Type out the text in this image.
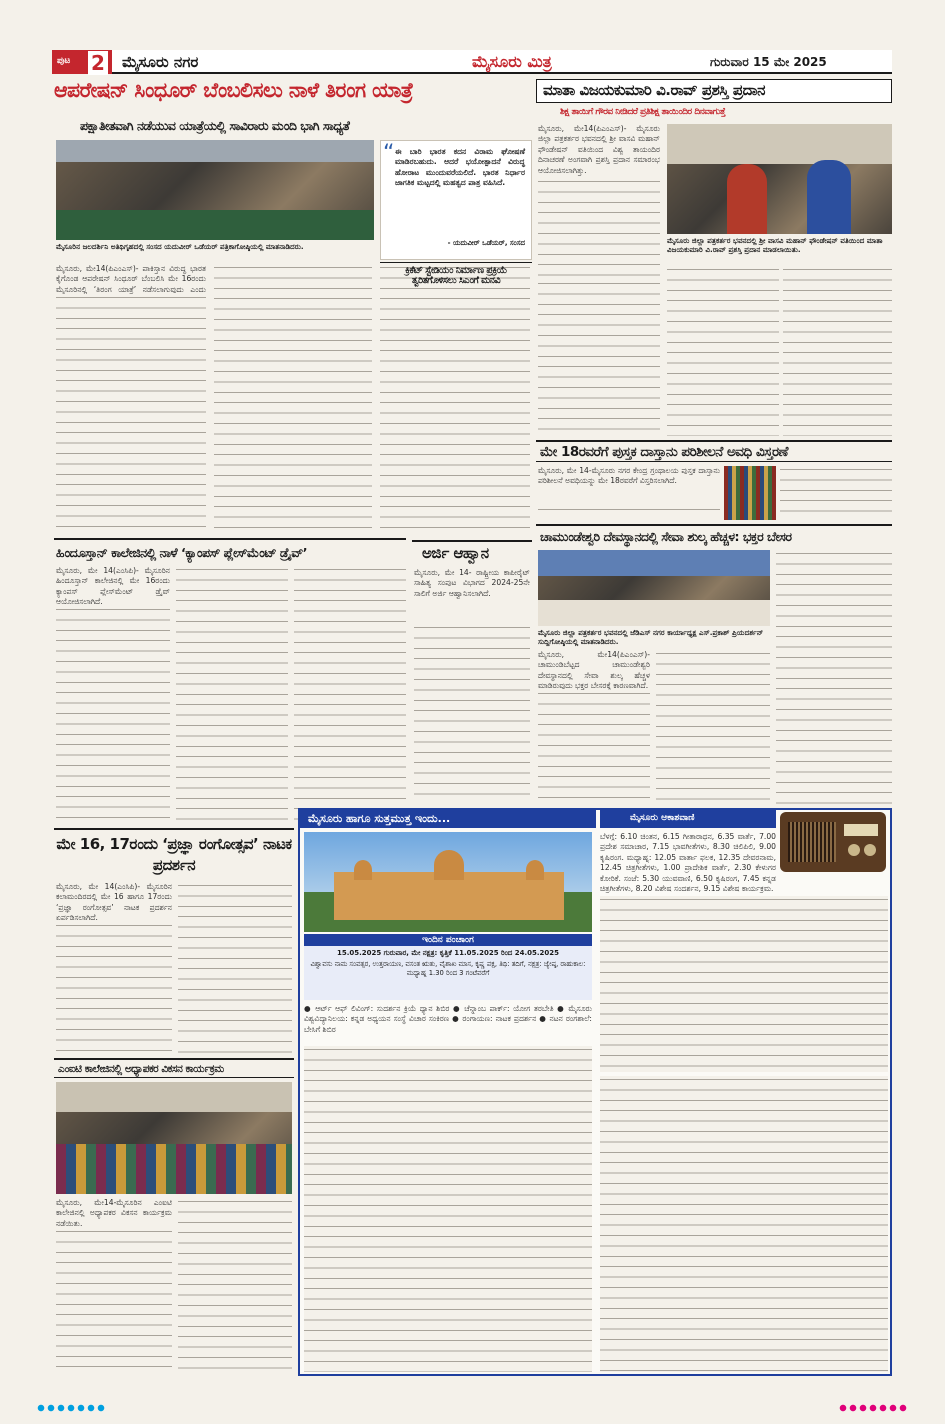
ಪುಟ 2 ಮೈಸೂರು ನಗರ	ಮೈಸೂರು ಮಿತ್ರ	ಗುರುವಾರ 15 ಮೇ 2025
ಆಪರೇಷನ್ ಸಿಂಧೂರ್ ಬೆಂಬಲಿಸಲು ನಾಳೆ ತಿರಂಗ ಯಾತ್ರೆ
ಪಕ್ಷಾತೀತವಾಗಿ ನಡೆಯುವ ಯಾತ್ರೆಯಲ್ಲಿ ಸಾವಿರಾರು ಮಂದಿ ಭಾಗಿ ಸಾಧ್ಯತೆ
ಮೈಸೂರಿನ ಜಲದರ್ಶಿನಿ ಅತಿಥಿಗೃಹದಲ್ಲಿ ಸಂಸದ ಯದುವೀರ್ ಒಡೆಯರ್ ಪತ್ರಿಕಾಗೋಷ್ಠಿಯಲ್ಲಿ ಮಾತನಾಡಿದರು.
“ ಈ ಬಾರಿ ಭಾರತ ಕದನ ವಿರಾಮ ಘೋಷಣೆ ಮಾಡಿರಬಹುದು. ಆದರೆ ಭಯೋತ್ಪಾದನೆ ವಿರುದ್ಧ ಹೋರಾಟ ಮುಂದುವರೆಯಲಿದೆ. ಭಾರತ ನಿರ್ಧಾರ ಜಾಗತಿಕ ಮಟ್ಟದಲ್ಲಿ ಮಹತ್ವದ ಪಾತ್ರ ವಹಿಸಿದೆ.
- ಯದುವೀರ್ ಒಡೆಯರ್, ಸಂಸದ
ಮೈಸೂರು, ಮೇ14(ಪಿಎಂಎಸ್)- ಪಾಕಿಸ್ತಾನ ವಿರುದ್ಧ ಭಾರತ ಕೈಗೊಂಡ ಆಪರೇಷನ್ ಸಿಂಧೂರ್ ಬೆಂಬಲಿಸಿ ಮೇ 16ರಂದು ಮೈಸೂರಿನಲ್ಲಿ ‘ತಿರಂಗ ಯಾತ್ರೆ’ ನಡೆಸಲಾಗುವುದು ಎಂದು
ಮಾತಾ ವಿಜಯಕುಮಾರಿ ವಿ.ರಾವ್ ಪ್ರಶಸ್ತಿ ಪ್ರದಾನ
ಶಿಕ್ಷ ತಾಯಿಗೆ ಗೌರವ ನೀಡಿದರೆ ಪ್ರತಿಶಿಕ್ಷ ತಾಯಿಂದಿರ ದಿನವಾಗುತ್ತೆ
ಮೈಸೂರು, ಮೇ14(ಪಿಎಂಎಸ್)- ಮೈಸೂರು ಜಿಲ್ಲಾ ಪತ್ರಕರ್ತರ ಭವನದಲ್ಲಿ ಶ್ರೀ ವಾಸವಿ ಮಹಾನ್ ಫೌಂಡೇಷನ್ ವತಿಯಿಂದ ವಿಶ್ವ ತಾಯಂದಿರ ದಿನಾಚರಣೆ ಅಂಗವಾಗಿ ಪ್ರಶಸ್ತಿ ಪ್ರದಾನ ಸಮಾರಂಭ ಆಯೋಜಿಸಲಾಗಿತ್ತು.
ಮೈಸೂರು ಜಿಲ್ಲಾ ಪತ್ರಕರ್ತರ ಭವನದಲ್ಲಿ ಶ್ರೀ ವಾಸವಿ ಮಹಾನ್ ಫೌಂಡೇಷನ್ ವತಿಯಿಂದ ಮಾತಾ ವಿಜಯಕುಮಾರಿ ವಿ.ರಾವ್ ಪ್ರಶಸ್ತಿ ಪ್ರದಾನ ಮಾಡಲಾಯಿತು.
ಕ್ರಿಕೆಟ್ ಸ್ಟೇಡಿಯಂ ನಿರ್ಮಾಣ ಪ್ರಕ್ರಿಯೆ ತ್ವರಿತಗೊಳಿಸಲು ಸಿಎಂಗೆ ಮನವಿ
ಮೇ 18ರವರೆಗೆ ಪುಸ್ತಕ ದಾಸ್ತಾನು ಪರಿಶೀಲನೆ ಅವಧಿ ವಿಸ್ತರಣೆ
ಮೈಸೂರು, ಮೇ 14-ಮೈಸೂರು ನಗರ ಕೇಂದ್ರ ಗ್ರಂಥಾಲಯ ಪುಸ್ತಕ ದಾಸ್ತಾನು ಪರಿಶೀಲನೆ ಅವಧಿಯನ್ನು ಮೇ 18ರವರೆಗೆ ವಿಸ್ತರಿಸಲಾಗಿದೆ.
ಚಾಮುಂಡೇಶ್ವರಿ ದೇವಸ್ಥಾನದಲ್ಲಿ ಸೇವಾ ಶುಲ್ಕ ಹೆಚ್ಚಳ: ಭಕ್ತರ ಬೇಸರ
ಮೈಸೂರು ಜಿಲ್ಲಾ ಪತ್ರಕರ್ತರ ಭವನದಲ್ಲಿ ಜೆಡಿಎಸ್ ನಗರ ಕಾರ್ಯಾಧ್ಯಕ್ಷ ಎಸ್.ಪ್ರಕಾಶ್ ಪ್ರಿಯದರ್ಶನ್ ಸುದ್ದಿಗೋಷ್ಠಿಯಲ್ಲಿ ಮಾತನಾಡಿದರು.
ಮೈಸೂರು, ಮೇ14(ಪಿಎಂಎಸ್)- ಚಾಮುಂಡಿಬೆಟ್ಟದ ಚಾಮುಂಡೇಶ್ವರಿ ದೇವಸ್ಥಾನದಲ್ಲಿ ಸೇವಾ ಶುಲ್ಕ ಹೆಚ್ಚಳ ಮಾಡಿರುವುದು ಭಕ್ತರ ಬೇಸರಕ್ಕೆ ಕಾರಣವಾಗಿದೆ.
ಹಿಂದೂಸ್ತಾನ್ ಕಾಲೇಜಿನಲ್ಲಿ ನಾಳೆ ‘ಕ್ಯಾಂಪಸ್ ಪ್ಲೇಸ್‌ಮೆಂಟ್ ಡ್ರೈವ್’
ಮೈಸೂರು, ಮೇ 14(ಎಂಸಿಪಿ)- ಮೈಸೂರಿನ ಹಿಂದೂಸ್ತಾನ್ ಕಾಲೇಜಿನಲ್ಲಿ ಮೇ 16ರಂದು ಕ್ಯಾಂಪಸ್ ಪ್ಲೇಸ್‌ಮೆಂಟ್ ಡ್ರೈವ್ ಆಯೋಜಿಸಲಾಗಿದೆ.
ಅರ್ಜಿ ಆಹ್ವಾನ
ಮೈಸೂರು, ಮೇ 14- ರಾಷ್ಟ್ರೀಯ ಕಾಪೀರೈಟ್ ಸಾಹಿತ್ಯ ಸಂಪುಟ ವಿಭಾಗದ 2024-25ನೇ ಸಾಲಿಗೆ ಅರ್ಜಿ ಆಹ್ವಾನಿಸಲಾಗಿದೆ.
ಮೇ 16, 17ರಂದು ‘ಪ್ರಜ್ಞಾ ರಂಗೋತ್ಸವ’ ನಾಟಕ ಪ್ರದರ್ಶನ
ಮೈಸೂರು, ಮೇ 14(ಎಂಸಿಪಿ)- ಮೈಸೂರಿನ ಕಲಾಮಂದಿರದಲ್ಲಿ ಮೇ 16 ಹಾಗೂ 17ರಂದು ‘ಪ್ರಜ್ಞಾ ರಂಗೋತ್ಸವ’ ನಾಟಕ ಪ್ರದರ್ಶನ ಏರ್ಪಡಿಸಲಾಗಿದೆ.
ಎಂಐಟಿ ಕಾಲೇಜಿನಲ್ಲಿ ಅಧ್ಯಾಪಕರ ವಿಕಸನ ಕಾರ್ಯಕ್ರಮ
ಮೈಸೂರು, ಮೇ14-ಮೈಸೂರಿನ ಎಂಐಟಿ ಕಾಲೇಜಿನಲ್ಲಿ ಅಧ್ಯಾಪಕರ ವಿಕಸನ ಕಾರ್ಯಕ್ರಮ ನಡೆಯಿತು.
ಮೈಸೂರು ಹಾಗೂ ಸುತ್ತಮುತ್ತ ಇಂದು...
ಇಂದಿನ ಪಂಚಾಂಗ
15.05.2025 ಗುರುವಾರ, ಮೇ ನಕ್ಷತ್ರ: ಕೃತ್ತಿಕೆ 11.05.2025 ರಿಂದ 24.05.2025
ವಿಶ್ವಾವಸು ನಾಮ ಸಂವತ್ಸರ, ಉತ್ತರಾಯಣ, ವಸಂತ ಋತು, ವೈಶಾಖ ಮಾಸ, ಕೃಷ್ಣ ಪಕ್ಷ, ತಿಥಿ: ತದಿಗೆ, ನಕ್ಷತ್ರ: ಜ್ಯೇಷ್ಠ, ರಾಹುಕಾಲ: ಮಧ್ಯಾಹ್ನ 1.30 ರಿಂದ 3 ಗಂಟೆವರೆಗೆ
● ಆರ್ಟ್ ಆಫ್ ಲಿವಿಂಗ್: ಸುದರ್ಶನ ಕ್ರಿಯೆ ಧ್ಯಾನ ಶಿಬಿರ ● ಚೆನ್ನಾಂಬ ಪಾರ್ಕ್: ಯೋಗ ತರಬೇತಿ ● ಮೈಸೂರು ವಿಶ್ವವಿದ್ಯಾನಿಲಯ: ಕನ್ನಡ ಅಧ್ಯಯನ ಸಂಸ್ಥೆ ವಿಚಾರ ಸಂಕಿರಣ ● ರಂಗಾಯಣ: ನಾಟಕ ಪ್ರದರ್ಶನ ● ನಟನ ರಂಗಶಾಲೆ: ಬೇಸಿಗೆ ಶಿಬಿರ
ಮೈಸೂರು ಆಕಾಶವಾಣಿ
ಬೆಳಗ್ಗೆ: 6.10 ಚಿಂತನ, 6.15 ಗೀತಾರಾಧನ, 6.35 ವಾರ್ತೆ, 7.00 ಪ್ರದೇಶ ಸಮಾಚಾರ, 7.15 ಭಾವಗೀತೆಗಳು, 8.30 ಚಿಲಿಪಿಲಿ, 9.00 ಕೃಷಿರಂಗ. ಮಧ್ಯಾಹ್ನ: 12.05 ವಾರ್ತಾ ಫಲಕ, 12.35 ದೇವರನಾಮ, 12.45 ಚಿತ್ರಗೀತೆಗಳು, 1.00 ಪ್ರಾದೇಶಿಕ ವಾರ್ತೆ, 2.30 ಕೇಳುಗರ ಕೋರಿಕೆ. ಸಂಜೆ: 5.30 ಯುವವಾಣಿ, 6.50 ಕೃಷಿರಂಗ, 7.45 ಕನ್ನಡ ಚಿತ್ರಗೀತೆಗಳು, 8.20 ವಿಶೇಷ ಸಂದರ್ಶನ, 9.15 ವಿಶೇಷ ಕಾರ್ಯಕ್ರಮ.
